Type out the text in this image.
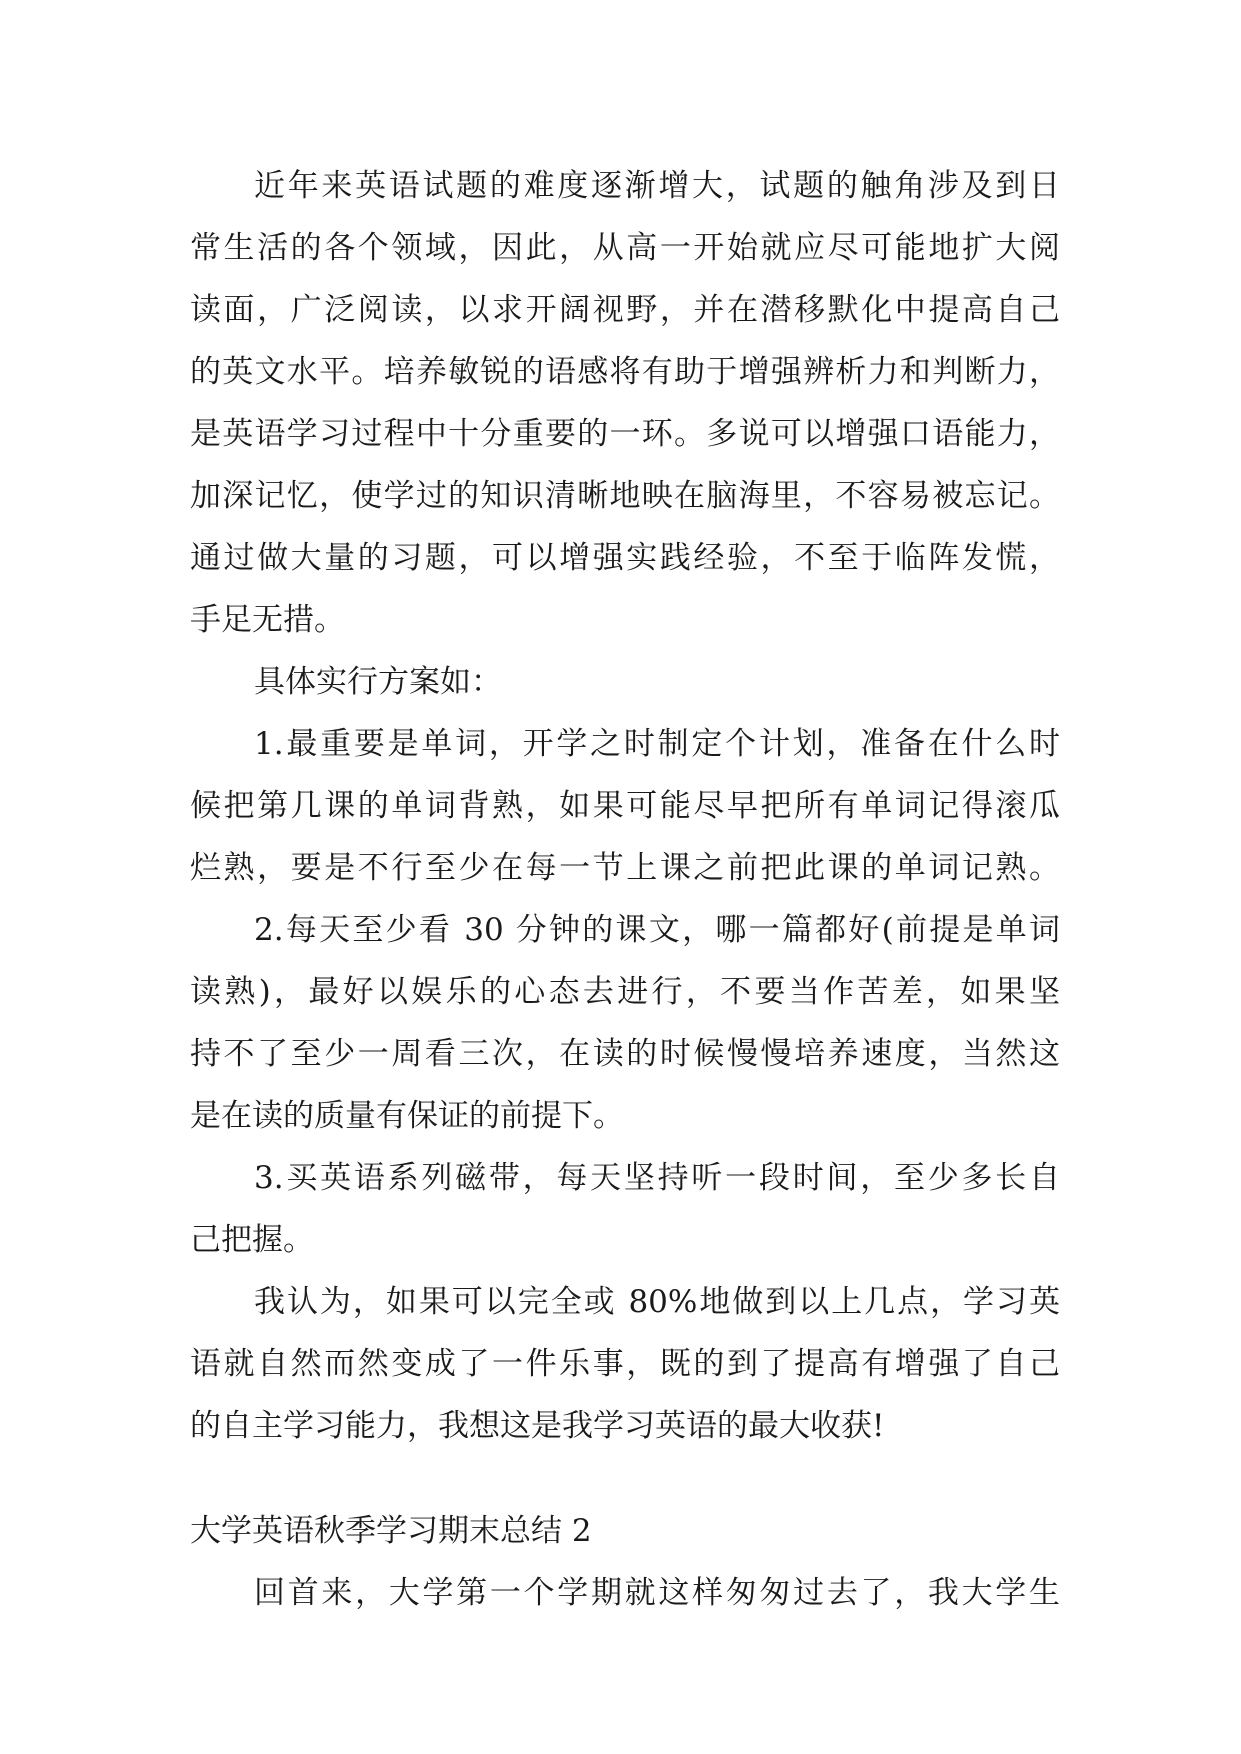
近年来英语试题的难度逐渐增大，试题的触角涉及到日
常生活的各个领域，因此，从高一开始就应尽可能地扩大阅
读面，广泛阅读，以求开阔视野，并在潜移默化中提高自己
的英文水平。培养敏锐的语感将有助于增强辨析力和判断力，
是英语学习过程中十分重要的一环。多说可以增强口语能力，
加深记忆，使学过的知识清晰地映在脑海里，不容易被忘记。
通过做大量的习题，可以增强实践经验，不至于临阵发慌，
手足无措。
具体实行方案如：
1.最重要是单词，开学之时制定个计划，准备在什么时
候把第几课的单词背熟，如果可能尽早把所有单词记得滚瓜
烂熟，要是不行至少在每一节上课之前把此课的单词记熟。
2.每天至少看 30 分钟的课文，哪一篇都好(前提是单词
读熟)，最好以娱乐的心态去进行，不要当作苦差，如果坚
持不了至少一周看三次，在读的时候慢慢培养速度，当然这
是在读的质量有保证的前提下。
3.买英语系列磁带，每天坚持听一段时间，至少多长自
己把握。
我认为，如果可以完全或 80%地做到以上几点，学习英
语就自然而然变成了一件乐事，既的到了提高有增强了自己
的自主学习能力，我想这是我学习英语的最大收获!
大学英语秋季学习期末总结 2
回首来，大学第一个学期就这样匆匆过去了，我大学生
